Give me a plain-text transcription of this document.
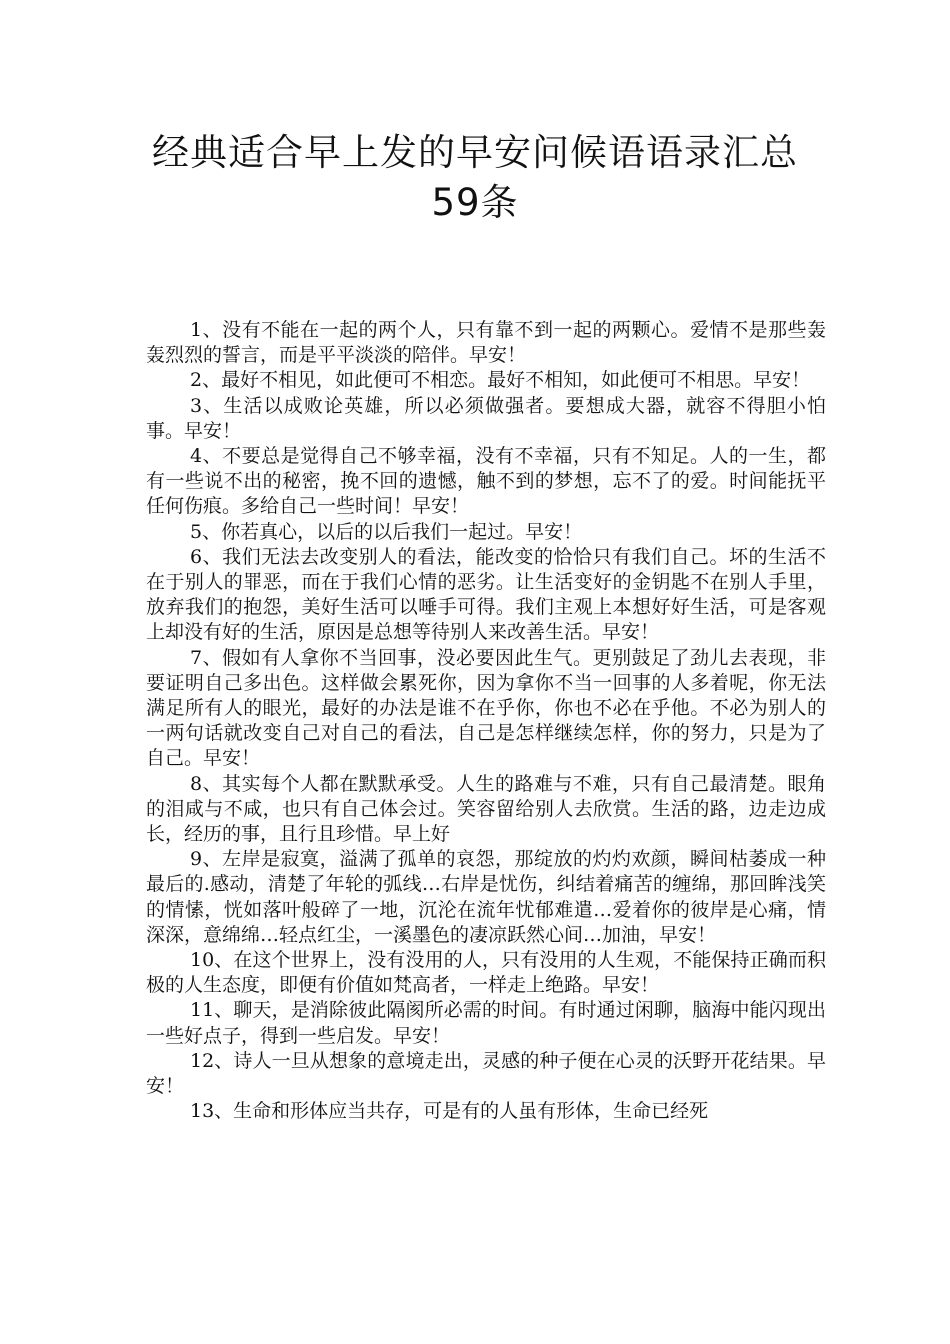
经典适合早上发的早安问候语语录汇总
59条

1、没有不能在一起的两个人，只有靠不到一起的两颗心。爱情不是那些轰轰烈烈的誓言，而是平平淡淡的陪伴。早安！

2、最好不相见，如此便可不相恋。最好不相知，如此便可不相思。早安！

3、生活以成败论英雄，所以必须做强者。要想成大器，就容不得胆小怕事。早安！

4、不要总是觉得自己不够幸福，没有不幸福，只有不知足。人的一生，都有一些说不出的秘密，挽不回的遗憾，触不到的梦想，忘不了的爱。时间能抚平任何伤痕。多给自己一些时间！早安！

5、你若真心，以后的以后我们一起过。早安！

6、我们无法去改变别人的看法，能改变的恰恰只有我们自己。坏的生活不在于别人的罪恶，而在于我们心情的恶劣。让生活变好的金钥匙不在别人手里，放弃我们的抱怨，美好生活可以唾手可得。我们主观上本想好好生活，可是客观上却没有好的生活，原因是总想等待别人来改善生活。早安！

7、假如有人拿你不当回事，没必要因此生气。更别鼓足了劲儿去表现，非要证明自己多出色。这样做会累死你，因为拿你不当一回事的人多着呢，你无法满足所有人的眼光，最好的办法是谁不在乎你，你也不必在乎他。不必为别人的一两句话就改变自己对自己的看法，自己是怎样继续怎样，你的努力，只是为了自己。早安！

8、其实每个人都在默默承受。人生的路难与不难，只有自己最清楚。眼角的泪咸与不咸，也只有自己体会过。笑容留给别人去欣赏。生活的路，边走边成长，经历的事，且行且珍惜。早上好

9、左岸是寂寞，溢满了孤单的哀怨，那绽放的灼灼欢颜，瞬间枯萎成一种最后的.感动，清楚了年轮的弧线…右岸是忧伤，纠结着痛苦的缠绵，那回眸浅笑的情愫，恍如落叶般碎了一地，沉沦在流年忧郁难遣…爱着你的彼岸是心痛，情深深，意绵绵…轻点红尘，一溪墨色的凄凉跃然心间…加油，早安！

10、在这个世界上，没有没用的人，只有没用的人生观，不能保持正确而积极的人生态度，即便有价值如梵高者，一样走上绝路。早安！

11、聊天，是消除彼此隔阂所必需的时间。有时通过闲聊，脑海中能闪现出一些好点子，得到一些启发。早安！

12、诗人一旦从想象的意境走出，灵感的种子便在心灵的沃野开花结果。早安！

13、生命和形体应当共存，可是有的人虽有形体，生命已经死
